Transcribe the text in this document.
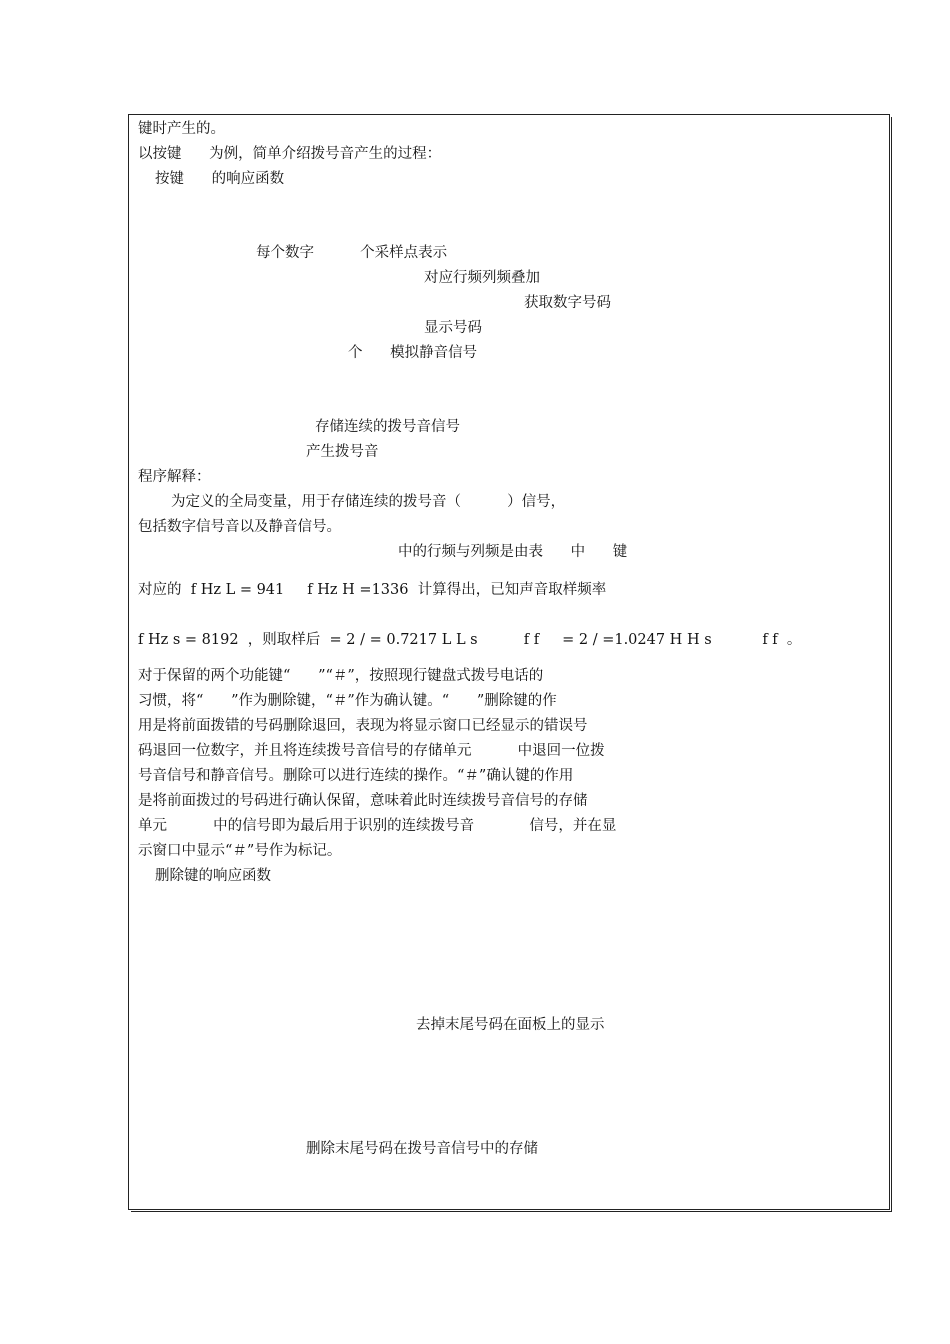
键时产生的。
以按键      为例，简单介绍拨号音产生的过程：
按键      的响应函数
每个数字          个采样点表示
对应行频列频叠加
获取数字号码
显示号码
个      模拟静音信号
存储连续的拨号音信号
产生拨号音
程序解释：
为定义的全局变量，用于存储连续的拨号音（          ）信号，
包括数字信号音以及静音信号。
中的行频与列频是由表      中      键
对应的  f Hz L = 941     f Hz H =1336  计算得出，已知声音取样频率
f Hz s = 8192  ，则取样后  = 2 / = 0.7217 L L s          f f     = 2 / =1.0247 H H s           f f  。
对于保留的两个功能键“      ”“＃”，按照现行键盘式拨号电话的
习惯，将“      ”作为删除键，“＃”作为确认键。“      ”删除键的作
用是将前面拨错的号码删除退回，表现为将显示窗口已经显示的错误号
码退回一位数字，并且将连续拨号音信号的存储单元          中退回一位拨
号音信号和静音信号。删除可以进行连续的操作。“＃”确认键的作用
是将前面拨过的号码进行确认保留，意味着此时连续拨号音信号的存储
单元          中的信号即为最后用于识别的连续拨号音            信号，并在显
示窗口中显示“＃”号作为标记。
删除键的响应函数
去掉末尾号码在面板上的显示
删除末尾号码在拨号音信号中的存储
